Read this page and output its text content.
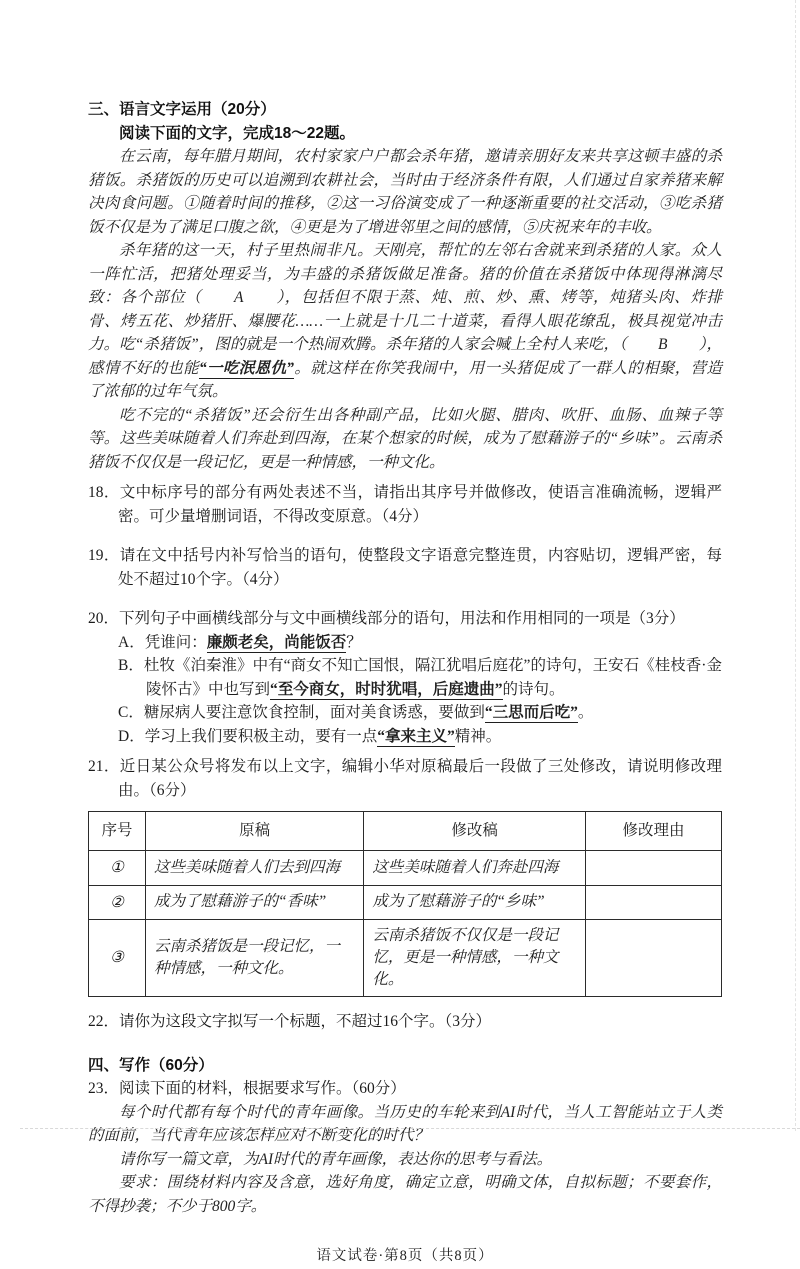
三、语言文字运用（20分）
阅读下面的文字，完成18～22题。

在云南，每年腊月期间，农村家家户户都会杀年猪，邀请亲朋好友来共享这顿丰盛的杀猪饭。杀猪饭的历史可以追溯到农耕社会，当时由于经济条件有限，人们通过自家养猪来解决肉食问题。①随着时间的推移，②这一习俗演变成了一种逐渐重要的社交活动，③吃杀猪饭不仅是为了满足口腹之欲，④更是为了增进邻里之间的感情，⑤庆祝来年的丰收。

杀年猪的这一天，村子里热闹非凡。天刚亮，帮忙的左邻右舍就来到杀猪的人家。众人一阵忙活，把猪处理妥当，为丰盛的杀猪饭做足准备。猪的价值在杀猪饭中体现得淋漓尽致：各个部位（　　A　　），包括但不限于蒸、炖、煎、炒、熏、烤等，炖猪头肉、炸排骨、烤五花、炒猪肝、爆腰花……一上就是十几二十道菜，看得人眼花缭乱，极具视觉冲击力。吃“杀猪饭”，图的就是一个热闹欢腾。杀年猪的人家会喊上全村人来吃，（　　B　　），感情不好的也能“一吃泯恩仇”。就这样在你笑我闹中，用一头猪促成了一群人的相聚，营造了浓郁的过年气氛。

吃不完的“杀猪饭”还会衍生出各种副产品，比如火腿、腊肉、吹肝、血肠、血辣子等等。这些美味随着人们奔赴到四海，在某个想家的时候，成为了慰藉游子的“乡味”。云南杀猪饭不仅仅是一段记忆，更是一种情感，一种文化。

18．文中标序号的部分有两处表述不当，请指出其序号并做修改，使语言准确流畅，逻辑严密。可少量增删词语，不得改变原意。（4分）
19．请在文中括号内补写恰当的语句，使整段文字语意完整连贯，内容贴切，逻辑严密，每处不超过10个字。（4分）
20．下列句子中画横线部分与文中画横线部分的语句，用法和作用相同的一项是（3分）
A．凭谁问：廉颇老矣，尚能饭否？
B．杜牧《泊秦淮》中有“商女不知亡国恨，隔江犹唱后庭花”的诗句，王安石《桂枝香·金陵怀古》中也写到“至今商女，时时犹唱，后庭遗曲”的诗句。
C．糖尿病人要注意饮食控制，面对美食诱惑，要做到“三思而后吃”。
D．学习上我们要积极主动，要有一点“拿来主义”精神。
21．近日某公众号将发布以上文字，编辑小华对原稿最后一段做了三处修改，请说明修改理由。（6分）
序号	原稿	修改稿	修改理由
①	这些美味随着人们去到四海	这些美味随着人们奔赴四海	
②	成为了慰藉游子的“香味”	成为了慰藉游子的“乡味”	
③	云南杀猪饭是一段记忆，一种情感，一种文化。	云南杀猪饭不仅仅是一段记忆，更是一种情感，一种文化。	
22．请你为这段文字拟写一个标题，不超过16个字。（3分）
四、写作（60分）
23．阅读下面的材料，根据要求写作。（60分）

每个时代都有每个时代的青年画像。当历史的车轮来到AI时代，当人工智能站立于人类的面前，当代青年应该怎样应对不断变化的时代？

请你写一篇文章，为AI时代的青年画像，表达你的思考与看法。

要求：围绕材料内容及含意，选好角度，确定立意，明确文体，自拟标题；不要套作，不得抄袭；不少于800字。

语文试卷·第8页（共8页）
